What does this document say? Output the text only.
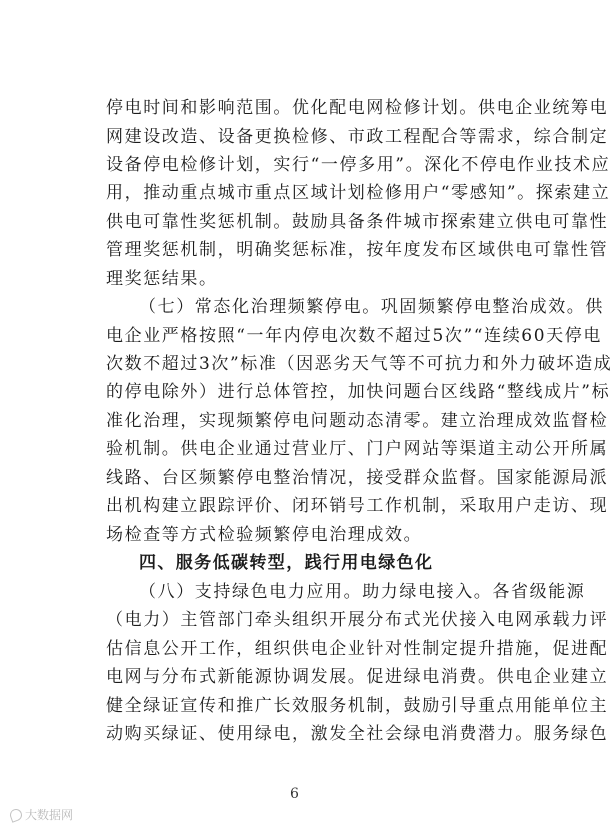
停电时间和影响范围。优化配电网检修计划。供电企业统筹电
网建设改造、设备更换检修、市政工程配合等需求，综合制定
设备停电检修计划，实行“一停多用”。深化不停电作业技术应
用，推动重点城市重点区域计划检修用户“零感知”。探索建立
供电可靠性奖惩机制。鼓励具备条件城市探索建立供电可靠性
管理奖惩机制，明确奖惩标准，按年度发布区域供电可靠性管
理奖惩结果。
（七）常态化治理频繁停电。巩固频繁停电整治成效。供
电企业严格按照“一年内停电次数不超过5次”“连续60天停电
次数不超过3次”标准（因恶劣天气等不可抗力和外力破坏造成
的停电除外）进行总体管控，加快问题台区线路“整线成片”标
准化治理，实现频繁停电问题动态清零。建立治理成效监督检
验机制。供电企业通过营业厅、门户网站等渠道主动公开所属
线路、台区频繁停电整治情况，接受群众监督。国家能源局派
出机构建立跟踪评价、闭环销号工作机制，采取用户走访、现
场检查等方式检验频繁停电治理成效。
四、服务低碳转型，践行用电绿色化
（八）支持绿色电力应用。助力绿电接入。各省级能源
（电力）主管部门牵头组织开展分布式光伏接入电网承载力评
估信息公开工作，组织供电企业针对性制定提升措施，促进配
电网与分布式新能源协调发展。促进绿电消费。供电企业建立
健全绿证宣传和推广长效服务机制，鼓励引导重点用能单位主
动购买绿证、使用绿电，激发全社会绿电消费潜力。服务绿色
6
大数据网
